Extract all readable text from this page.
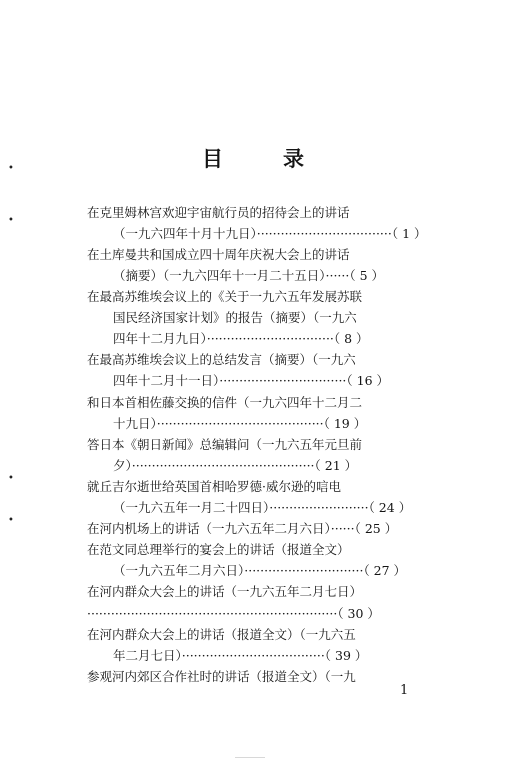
目	录
在克里姆林宫欢迎宇宙航行员的招待会上的讲话
（一九六四年十月十九日）··································（ 1 ）
在土库曼共和国成立四十周年庆祝大会上的讲话
（摘要）（一九六四年十一月二十五日）······（ 5 ）
在最高苏维埃会议上的《关于一九六五年发展苏联
国民经济国家计划》的报告（摘要）（一九六
四年十二月九日）································（ 8 ）
在最高苏维埃会议上的总结发言（摘要）（一九六
四年十二月十一日）································（ 16 ）
和日本首相佐藤交换的信件（一九六四年十二月二
十九日）··········································（ 19 ）
答日本《朝日新闻》总编辑问（一九六五年元旦前
夕）··············································（ 21 ）
就丘吉尔逝世给英国首相哈罗德·威尔逊的唁电
（一九六五年一月二十四日）·························（ 24 ）
在河内机场上的讲话（一九六五年二月六日）······（ 25 ）
在范文同总理举行的宴会上的讲话（报道全文）
（一九六五年二月六日）······························（ 27 ）
在河内群众大会上的讲话（一九六五年二月七日）
·······························································（ 30 ）
在河内群众大会上的讲话（报道全文）（一九六五
年二月七日）····································（ 39 ）
参观河内郊区合作社时的讲话（报道全文）（一九
1
•
•
•
•
